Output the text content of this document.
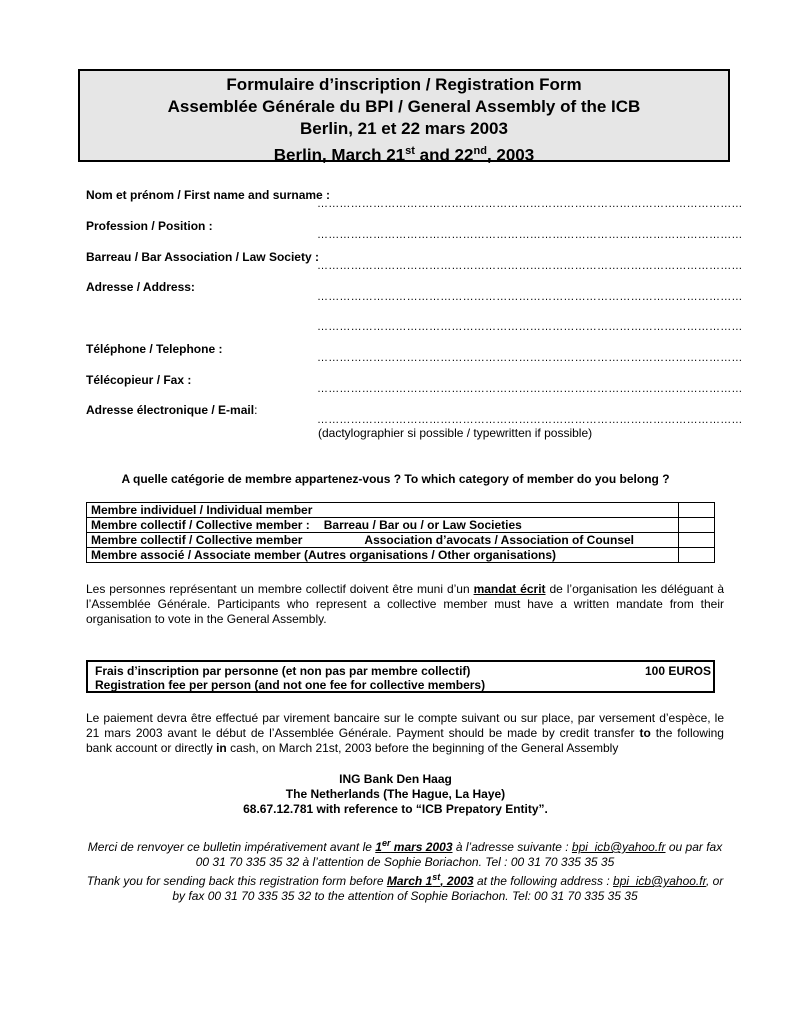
Formulaire d’inscription / Registration Form
Assemblée Générale du BPI / General Assembly of the ICB
Berlin, 21 et 22 mars 2003
Berlin, March 21st and 22nd, 2003
Nom et prénom / First name and surname :
……………………………………………………………………………………………………
Profession / Position :
……………………………………………………………………………………………………
Barreau / Bar Association / Law Society :
……………………………………………………………………………………………………
Adresse / Address:
……………………………………………………………………………………………………
……………………………………………………………………………………………………
Téléphone / Telephone :
……………………………………………………………………………………………………
Télécopieur / Fax :
……………………………………………………………………………………………………
Adresse électronique / E-mail:
……………………………………………………………………………………………………
(dactylographier si possible / typewritten if possible)
A quelle catégorie de membre appartenez-vous ? To which category of member do you belong ?
Membre individuel / Individual member	
Membre collectif / Collective member : Barreau / Bar ou / or Law Societies	
Membre collectif / Collective member Association d’avocats / Association of Counsel	
Membre associé / Associate member (Autres organisations / Other organisations)	
Les personnes représentant un membre collectif doivent être muni d’un mandat écrit de l’organisation les déléguant à l’Assemblée Générale. Participants who represent a collective member must have a written mandate from their organisation to vote in the General Assembly.
Frais d’inscription par personne (et non pas par membre collectif)
Registration fee per person (and not one fee for collective members)
100 EUROS
Le paiement devra être effectué par virement bancaire sur le compte suivant ou sur place, par versement d’espèce, le 21 mars 2003 avant le début de l’Assemblée Générale. Payment should be made by credit transfer to the following bank account or directly in cash, on March 21st, 2003 before the beginning of the General Assembly
ING Bank Den Haag
The Netherlands (The Hague, La Haye)
68.67.12.781 with reference to “ICB Prepatory Entity”.
Merci de renvoyer ce bulletin impérativement avant le 1er mars 2003 à l’adresse suivante : bpi_icb@yahoo.fr ou par fax 00 31 70 335 35 32 à l’attention de Sophie Boriachon. Tel : 00 31 70 335 35 35
Thank you for sending back this registration form before March 1st, 2003 at the following address : bpi_icb@yahoo.fr, or by fax 00 31 70 335 35 32 to the attention of Sophie Boriachon. Tel: 00 31 70 335 35 35
